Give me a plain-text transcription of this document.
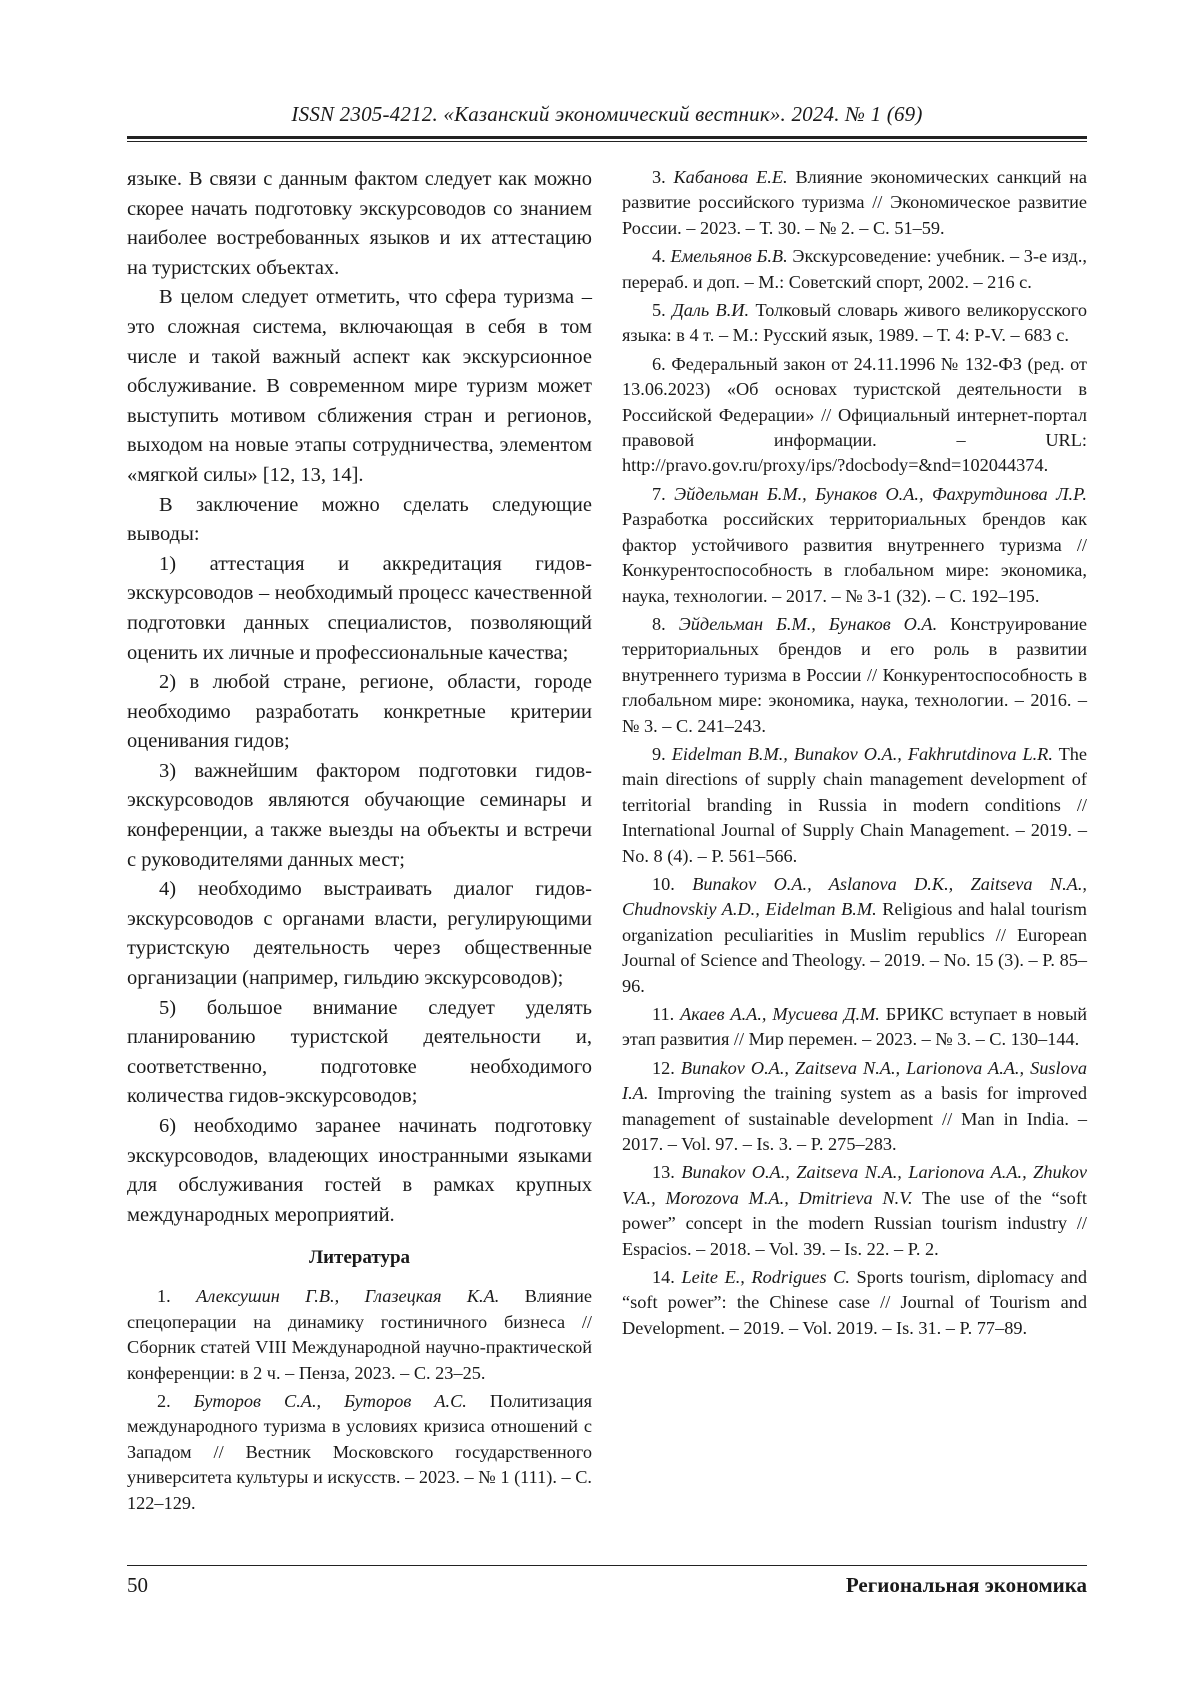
ISSN 2305-4212. «Казанский экономический вестник». 2024. № 1 (69)

языке. В связи с данным фактом следует как можно скорее начать подготовку экскурсоводов со знанием наиболее востребованных языков и их аттестацию на туристских объектах.

В целом следует отметить, что сфера туризма – это сложная система, включающая в себя в том числе и такой важный аспект как экскурсионное обслуживание. В современном мире туризм может выступить мотивом сближения стран и регионов, выходом на новые этапы сотрудничества, элементом «мягкой силы» [12, 13, 14].

В заключение можно сделать следующие выводы:

1) аттестация и аккредитация гидов-экскурсоводов – необходимый процесс качественной подготовки данных специалистов, позволяющий оценить их личные и профессиональные качества;

2) в любой стране, регионе, области, городе необходимо разработать конкретные критерии оценивания гидов;

3) важнейшим фактором подготовки гидов-экскурсоводов являются обучающие семинары и конференции, а также выезды на объекты и встречи с руководителями данных мест;

4) необходимо выстраивать диалог гидов-экскурсоводов с органами власти, регулирующими туристскую деятельность через общественные организации (например, гильдию экскурсоводов);

5) большое внимание следует уделять планированию туристской деятельности и, соответственно, подготовке необходимого количества гидов-экскурсоводов;

6) необходимо заранее начинать подготовку экскурсоводов, владеющих иностранными языками для обслуживания гостей в рамках крупных международных мероприятий.

Литература

1. Алексушин Г.В., Глазецкая К.А. Влияние спецоперации на динамику гостиничного бизнеса // Сборник статей VIII Международной научно-практической конференции: в 2 ч. – Пенза, 2023. – С. 23–25.

2. Буторов С.А., Буторов А.С. Политизация международного туризма в условиях кризиса отношений с Западом // Вестник Московского государственного университета культуры и искусств. – 2023. – № 1 (111). – С. 122–129.

3. Кабанова Е.Е. Влияние экономических санкций на развитие российского туризма // Экономическое развитие России. – 2023. – Т. 30. – № 2. – С. 51–59.

4. Емельянов Б.В. Экскурсоведение: учебник. – 3-е изд., перераб. и доп. – М.: Советский спорт, 2002. – 216 с.

5. Даль В.И. Толковый словарь живого великорусского языка: в 4 т. – М.: Русский язык, 1989. – Т. 4: Р-V. – 683 с.

6. Федеральный закон от 24.11.1996 № 132-ФЗ (ред. от 13.06.2023) «Об основах туристской деятельности в Российской Федерации» // Официальный интернет-портал правовой информации. – URL: http://pravo.gov.ru/proxy/ips/?docbody=&nd=102044374.

7. Эйдельман Б.М., Бунаков О.А., Фахрутдинова Л.Р. Разработка российских территориальных брендов как фактор устойчивого развития внутреннего туризма // Конкурентоспособность в глобальном мире: экономика, наука, технологии. – 2017. – № 3-1 (32). – С. 192–195.

8. Эйдельман Б.М., Бунаков О.А. Конструирование территориальных брендов и его роль в развитии внутреннего туризма в России // Конкурентоспособность в глобальном мире: экономика, наука, технологии. – 2016. – № 3. – С. 241–243.

9. Eidelman B.M., Bunakov O.A., Fakhrutdinova L.R. The main directions of supply chain management development of territorial branding in Russia in modern conditions // International Journal of Supply Chain Management. – 2019. – No. 8 (4). – P. 561–566.

10. Bunakov O.A., Aslanova D.K., Zaitseva N.A., Chudnovskiy A.D., Eidelman B.M. Religious and halal tourism organization peculiarities in Muslim republics // European Journal of Science and Theology. – 2019. – No. 15 (3). – P. 85–96.

11. Акаев А.А., Мусиева Д.М. БРИКС вступает в новый этап развития // Мир перемен. – 2023. – № 3. – С. 130–144.

12. Bunakov O.A., Zaitseva N.A., Larionova A.A., Suslova I.A. Improving the training system as a basis for improved management of sustainable development // Man in India. – 2017. – Vol. 97. – Is. 3. – P. 275–283.

13. Bunakov O.A., Zaitseva N.A., Larionova A.A., Zhukov V.A., Morozova M.A., Dmitrieva N.V. The use of the “soft power” concept in the modern Russian tourism industry // Espacios. – 2018. – Vol. 39. – Is. 22. – P. 2.

14. Leite E., Rodrigues C. Sports tourism, diplomacy and “soft power”: the Chinese case // Journal of Tourism and Development. – 2019. – Vol. 2019. – Is. 31. – P. 77–89.

50	Региональная экономика
